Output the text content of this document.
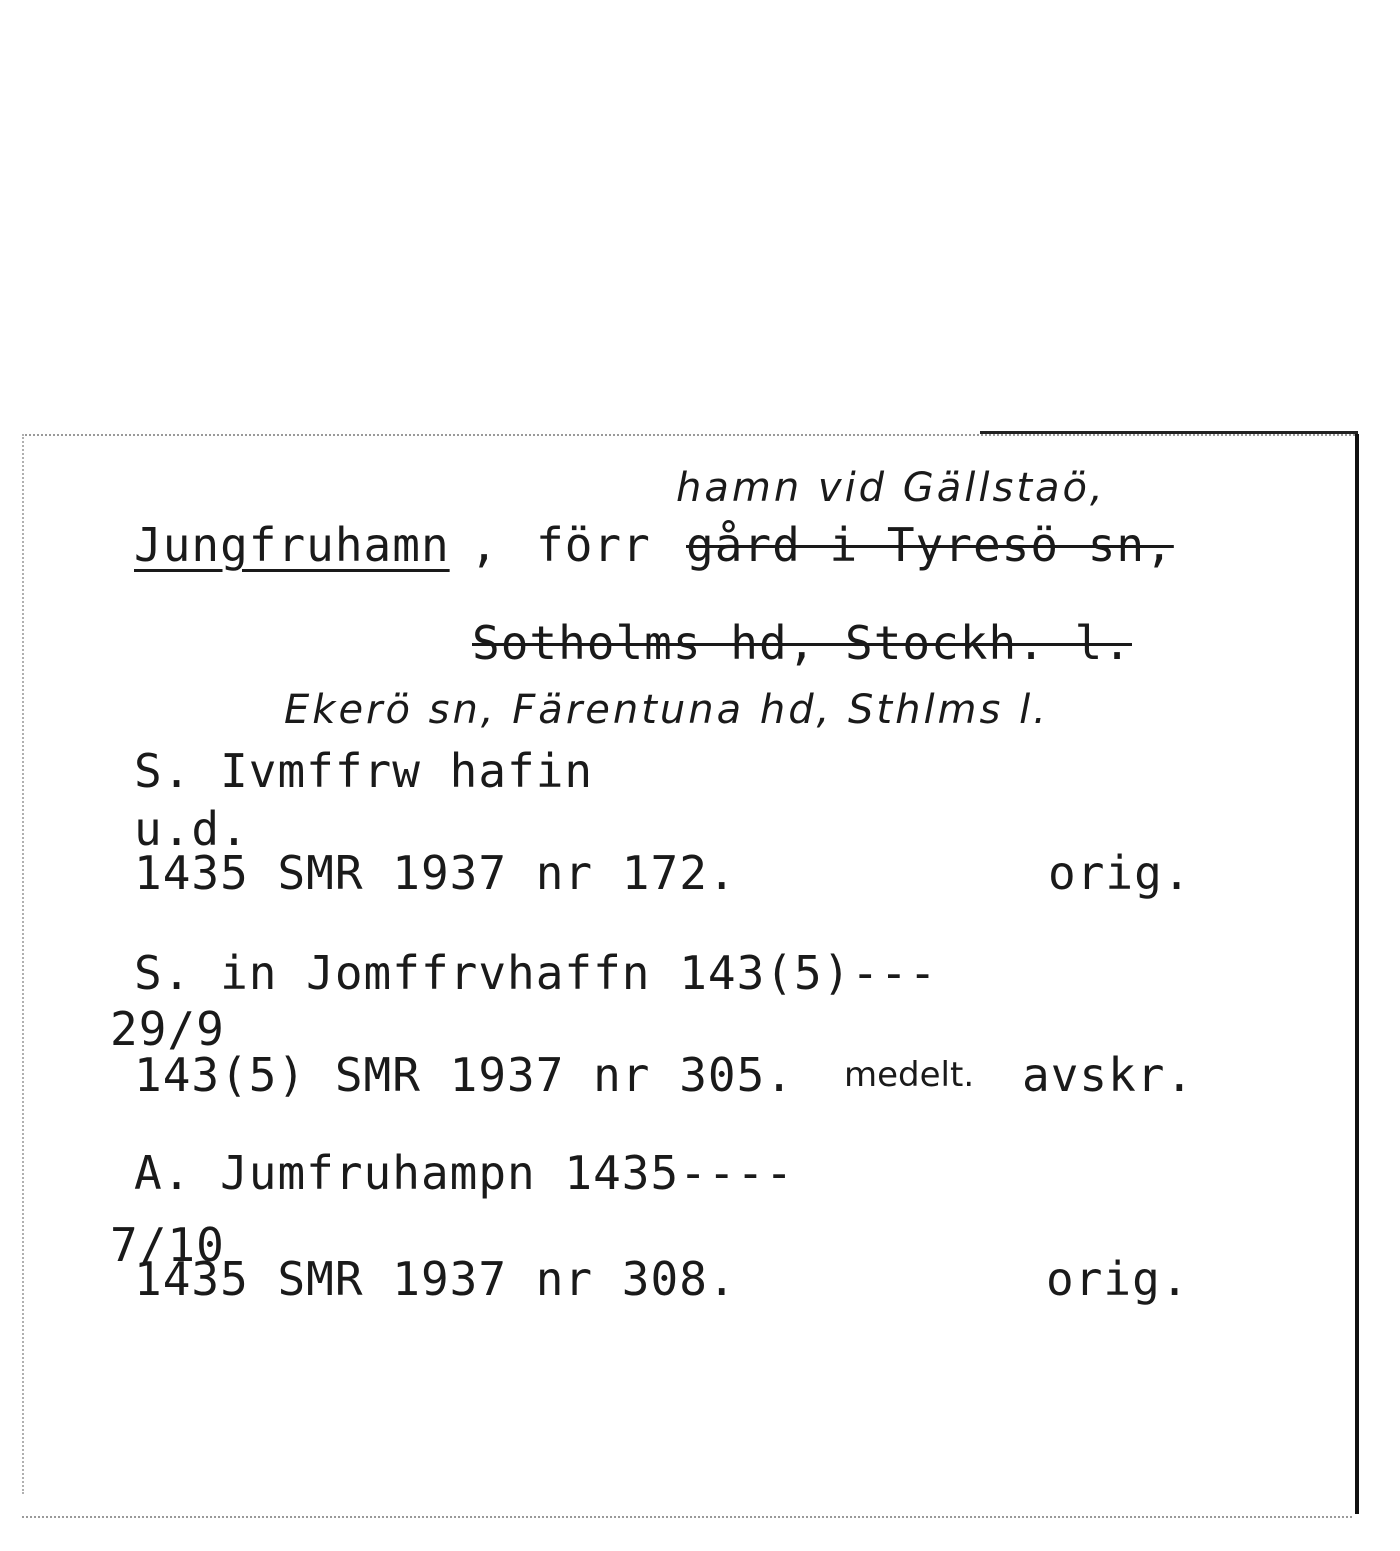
hamn vid Gällstaö,
Jungfruhamn , förr gård i Tyresö sn,
Sotholms hd, Stockh. l.
Ekerö sn, Färentuna hd, Sthlms l.
S. Ivmffrw hafin
u.d.
1435 SMR 1937 nr 172.	orig.
S. in Jomffrvhaffn 143(5)---
29/9
143(5) SMR 1937 nr 305. medelt. avskr.
A. Jumfruhampn 1435----
7/10
1435 SMR 1937 nr 308.	orig.
